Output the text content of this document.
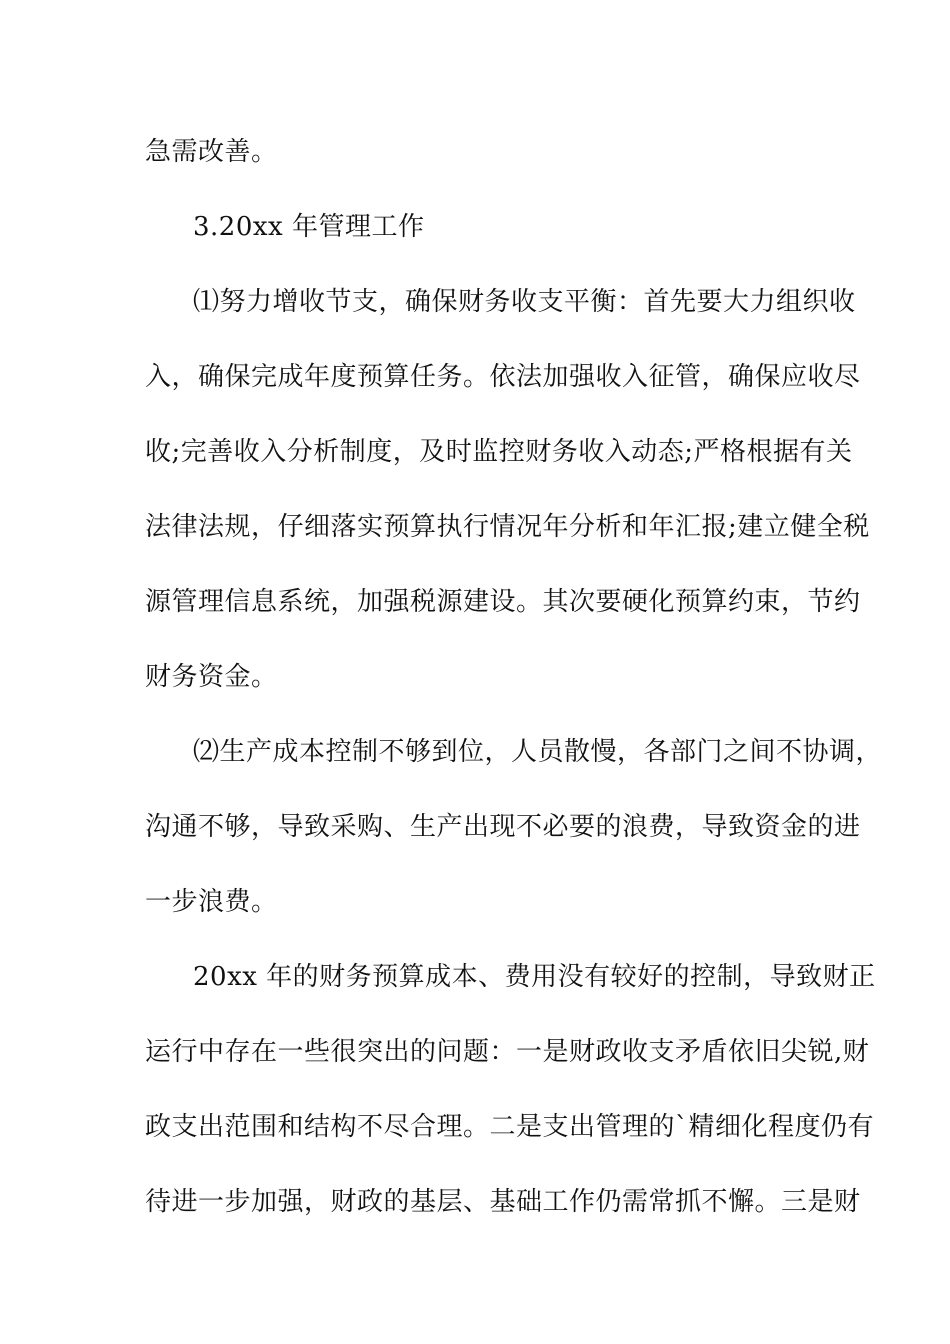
急需改善。
3.20xx 年管理工作
⑴努力增收节支，确保财务收支平衡：首先要大力组织收
入，确保完成年度预算任务。依法加强收入征管，确保应收尽
收;完善收入分析制度，及时监控财务收入动态;严格根据有关
法律法规，仔细落实预算执行情况年分析和年汇报;建立健全税
源管理信息系统，加强税源建设。其次要硬化预算约束，节约
财务资金。
⑵生产成本控制不够到位，人员散慢，各部门之间不协调，
沟通不够，导致采购、生产出现不必要的浪费，导致资金的进
一步浪费。
20xx 年的财务预算成本、费用没有较好的控制，导致财正
运行中存在一些很突出的问题：一是财政收支矛盾依旧尖锐,财
政支出范围和结构不尽合理。二是支出管理的`精细化程度仍有
待进一步加强，财政的基层、基础工作仍需常抓不懈。三是财
